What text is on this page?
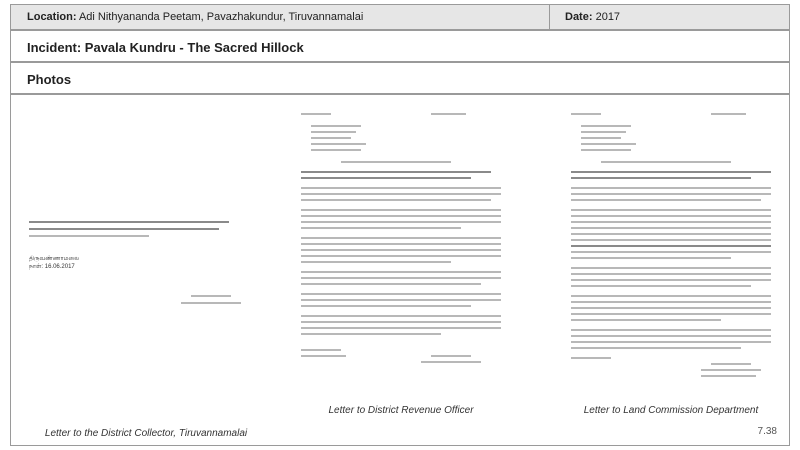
Location: Adi Nithyananda Peetam, Pavazhakundur, Tiruvannamalai	Date: 2017
Incident: Pavala Kundru - The Sacred Hillock
Photos
திருவண்ணாமலை
நாள்: 16.06.2017
Letter to the District Collector, Tiruvannamalai
Letter to District Revenue Officer	Letter to Land Commission Department
7.38
